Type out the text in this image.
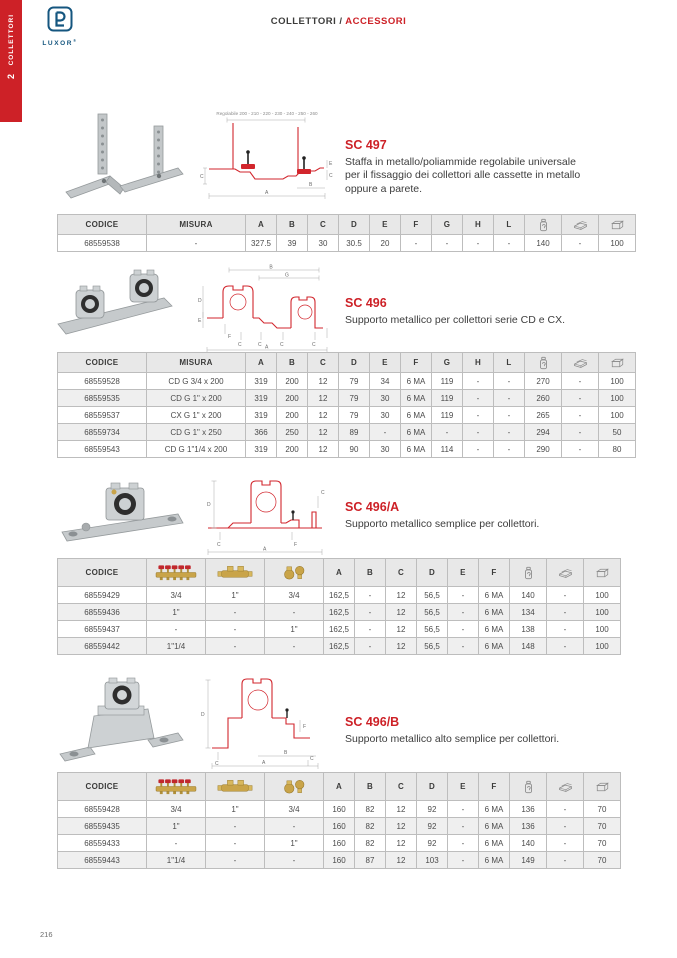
COLLETTORI
2
LUXOR®
COLLETTORI / ACCESSORI
Regolabile 200 - 210 - 220 - 230 - 240 - 250 - 260
C
E
C
B
A
SC 497

Staffa in metallo/poliammide regolabile universale per il fissaggio dei collettori alle cassette in metallo oppure a parete.

CODICE	MISURA	A	B	C	D	E	F	G	H	L			
68559538	-	327.5	39	30	30.5	20	-	-	-	-	140	-	100
B
G
D
E
F
C	C	C	C
A
SC 496

Supporto metallico per collettori serie CD e CX.

CODICE	MISURA	A	B	C	D	E	F	G	H	L			
68559528	CD G 3/4 x 200	319	200	12	79	34	6 MA	119	-	-	270	-	100
68559535	CD G 1" x 200	319	200	12	79	30	6 MA	119	-	-	260	-	100
68559537	CX G 1" x 200	319	200	12	79	30	6 MA	119	-	-	265	-	100
68559734	CD G 1" x 250	366	250	12	89	-	6 MA	-	-	-	294	-	50
68559543	CD G 1"1/4 x 200	319	200	12	90	30	6 MA	114	-	-	290	-	80
D
C
C	F
A
SC 496/A

Supporto metallico semplice per collettori.

CODICE				A	B	C	D	E	F			
68559429	3/4	1"	3/4	162,5	-	12	56,5	-	6 MA	140	-	100
68559436	1"	-	-	162,5	-	12	56,5	-	6 MA	134	-	100
68559437	-	-	1"	162,5	-	12	56,5	-	6 MA	138	-	100
68559442	1"1/4	-	-	162,5	-	12	56,5	-	6 MA	148	-	100
D
F
C
B
C
A
SC 496/B

Supporto metallico alto semplice per collettori.

CODICE				A	B	C	D	E	F			
68559428	3/4	1"	3/4	160	82	12	92	-	6 MA	136	-	70
68559435	1"	-	-	160	82	12	92	-	6 MA	136	-	70
68559433	-	-	1"	160	82	12	92	-	6 MA	140	-	70
68559443	1"1/4	-	-	160	87	12	103	-	6 MA	149	-	70
216
